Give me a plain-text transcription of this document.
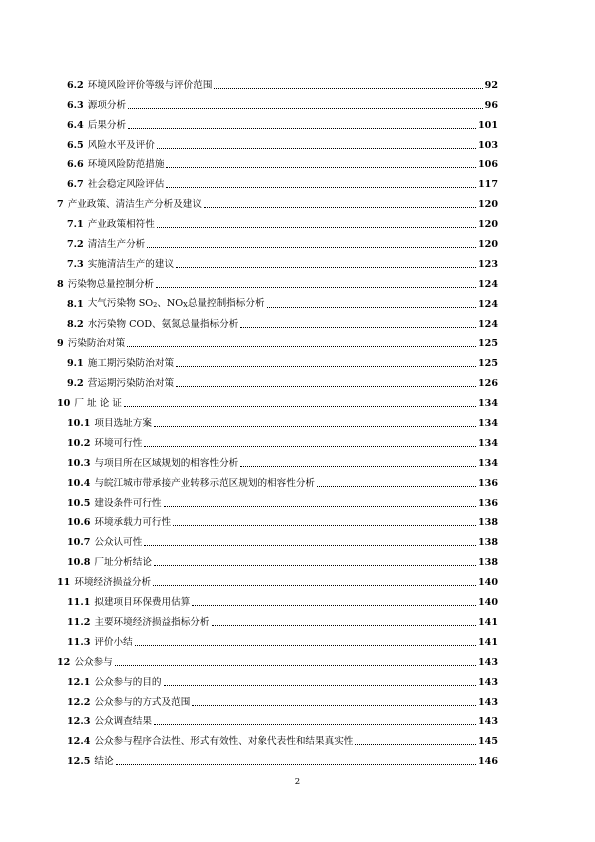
6.2 环境风险评价等级与评价范围	92
6.3 源项分析	96
6.4 后果分析	101
6.5 风险水平及评价	103
6.6 环境风险防范措施	106
6.7 社会稳定风险评估	117
7 产业政策、清洁生产分析及建议	120
7.1 产业政策相符性	120
7.2 清洁生产分析	120
7.3 实施清洁生产的建议	123
8 污染物总量控制分析	124
8.1 大气污染物 $SO_2$、$NO_X$总量控制指标分析	124
8.2 水污染物 COD、氨氮总量指标分析	124
9 污染防治对策	125
9.1 施工期污染防治对策	125
9.2 营运期污染防治对策	126
10 厂 址 论 证	134
10.1 项目选址方案	134
10.2 环境可行性	134
10.3 与项目所在区域规划的相容性分析	134
10.4 与皖江城市带承接产业转移示范区规划的相容性分析	136
10.5 建设条件可行性	136
10.6 环境承载力可行性	138
10.7 公众认可性	138
10.8 厂址分析结论	138
11 环境经济损益分析	140
11.1 拟建项目环保费用估算	140
11.2 主要环境经济损益指标分析	141
11.3 评价小结	141
12 公众参与	143
12.1 公众参与的目的	143
12.2 公众参与的方式及范围	143
12.3 公众调查结果	143
12.4 公众参与程序合法性、形式有效性、对象代表性和结果真实性	145
12.5 结论	146
2
